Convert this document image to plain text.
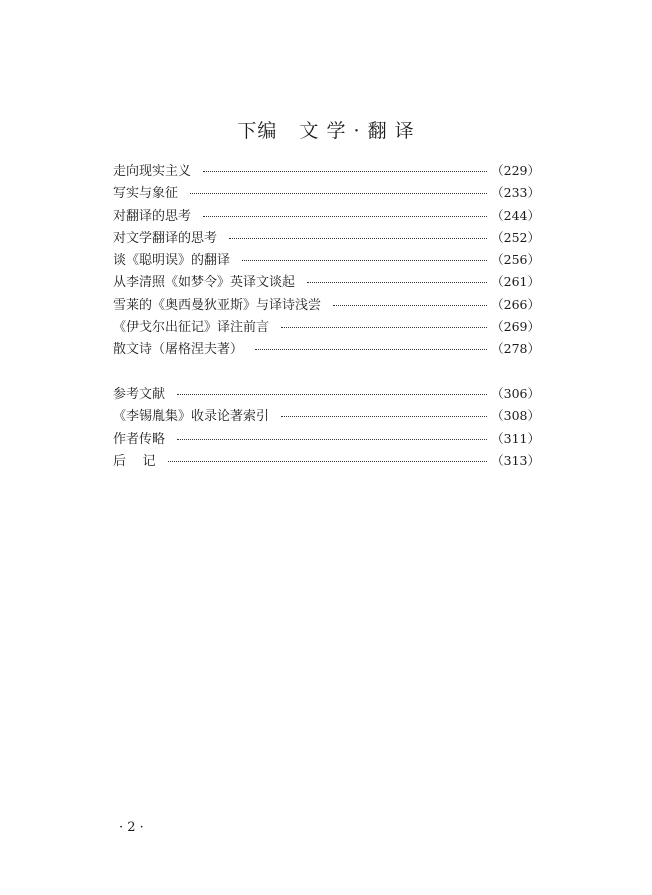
下编 文 学 · 翻 译
走向现实主义	（229）
写实与象征	（233）
对翻译的思考	（244）
对文学翻译的思考	（252）
谈《聪明误》的翻译	（256）
从李清照《如梦令》英译文谈起	（261）
雪莱的《奥西曼狄亚斯》与译诗浅尝	（266）
《伊戈尔出征记》译注前言	（269）
散文诗（屠格涅夫著）	（278）
参考文献	（306）
《李锡胤集》收录论著索引	（308）
作者传略	（311）
后    记	（313）
· 2 ·
